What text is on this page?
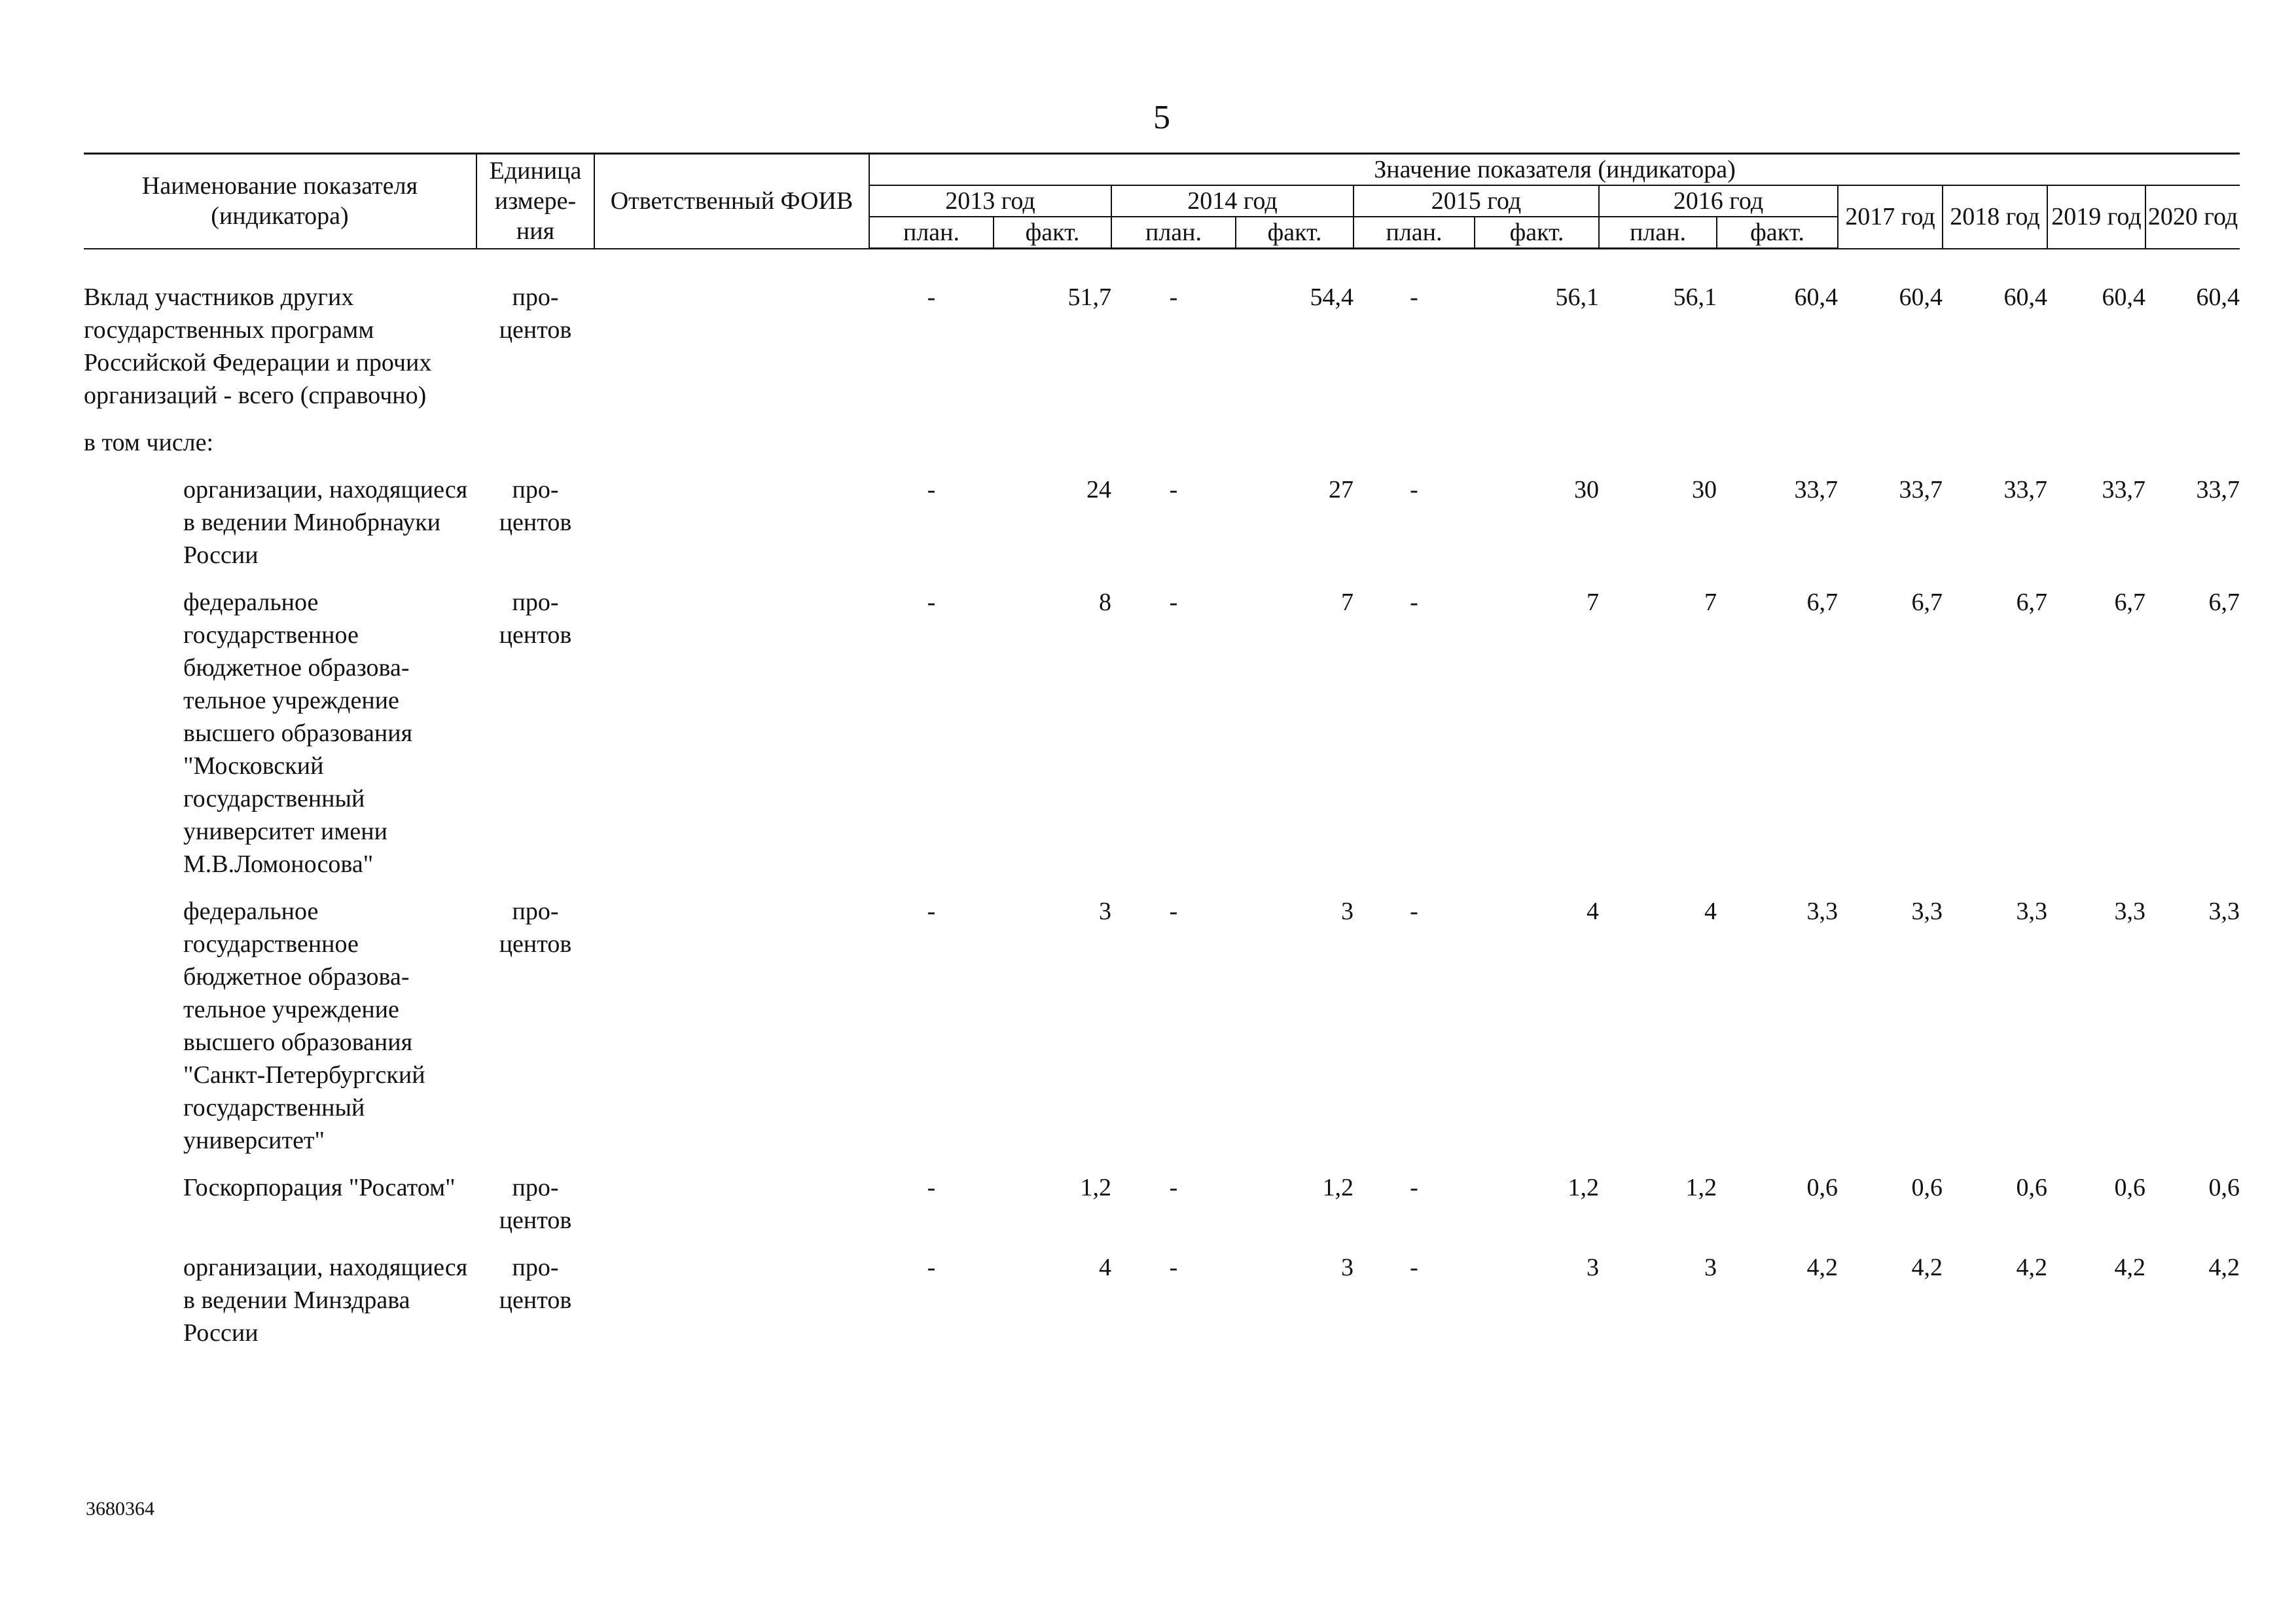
5
Наименование показателя (индикатора)	Единица измере-ния	Ответственный ФОИВ	Значение показателя (индикатора)											
			2013 год		2014 год		2015 год		2016 год		2017 год	2018 год	2019 год	2020 год
			план.	факт.	план.	факт.	план.	факт.	план.	факт.				

Вклад участников других государственных программ Российской Федерации и прочих организаций - всего (справочно)	про-центов		-	51,7	-	54,4	-	56,1	56,1	60,4	60,4	60,4	60,4	60,4
в том числе:														
организации, находящиеся в ведении Минобрнауки России	про-центов		-	24	-	27	-	30	30	33,7	33,7	33,7	33,7	33,7
федеральное государственное бюджетное образова-тельное учреждение высшего образования "Московский государственный университет имени М.В.Ломоносова"	про-центов		-	8	-	7	-	7	7	6,7	6,7	6,7	6,7	6,7
федеральное государственное бюджетное образова-тельное учреждение высшего образования "Санкт-Петербургский государственный университет"	про-центов		-	3	-	3	-	4	4	3,3	3,3	3,3	3,3	3,3
Госкорпорация "Росатом"	про-центов		-	1,2	-	1,2	-	1,2	1,2	0,6	0,6	0,6	0,6	0,6
организации, находящиеся в ведении Минздрава России	про-центов		-	4	-	3	-	3	3	4,2	4,2	4,2	4,2	4,2
3680364
